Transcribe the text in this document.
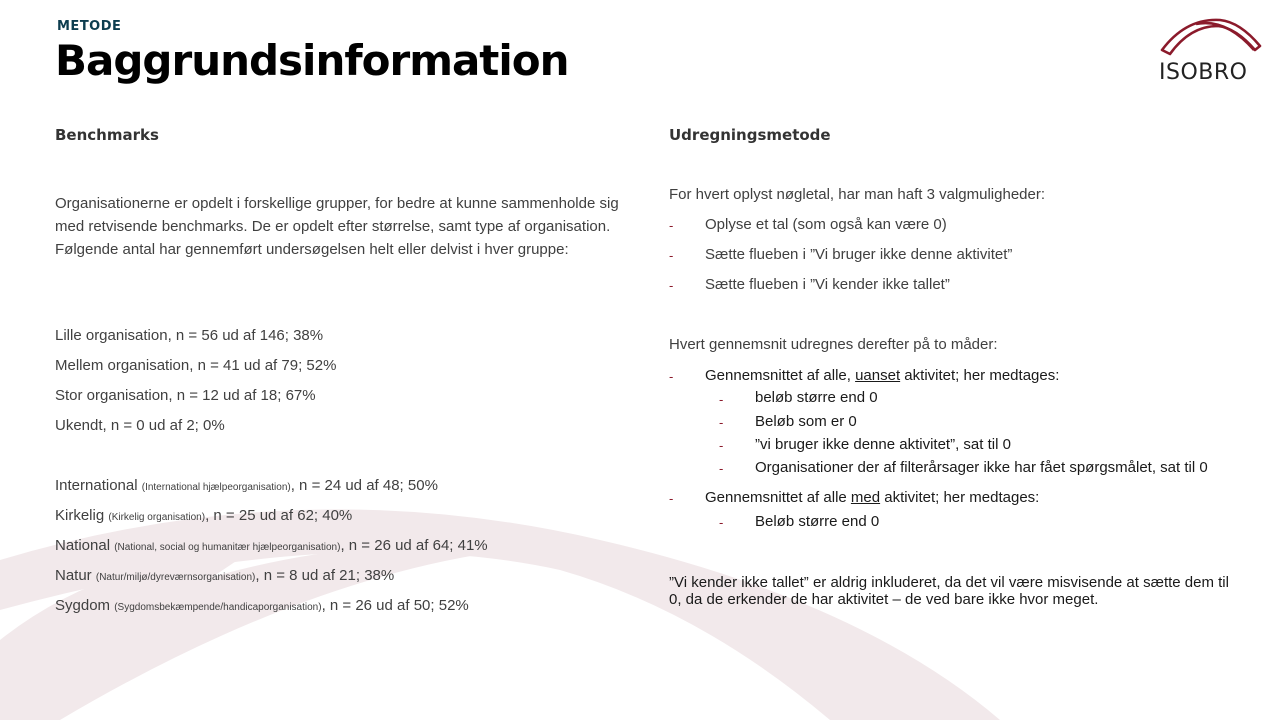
METODE
Baggrundsinformation	ISOBRO
Benchmarks
Organisationerne er opdelt i forskellige grupper, for bedre at kunne sammenholde sig med retvisende benchmarks. De er opdelt efter størrelse, samt type af organisation. Følgende antal har gennemført undersøgelsen helt eller delvist i hver gruppe:
Lille organisation, n = 56 ud af 146; 38%
Mellem organisation, n = 41 ud af 79; 52%
Stor organisation, n = 12 ud af 18; 67%
Ukendt, n = 0 ud af 2; 0%
International (International hjælpeorganisation), n = 24 ud af 48; 50%
Kirkelig (Kirkelig organisation), n = 25 ud af 62; 40%
National (National, social og humanitær hjælpeorganisation), n = 26 ud af 64; 41%
Natur (Natur/miljø/dyreværnsorganisation), n = 8 ud af 21; 38%
Sygdom (Sygdomsbekæmpende/handicaporganisation), n = 26 ud af 50; 52%
Udregningsmetode
For hvert oplyst nøgletal, har man haft 3 valgmuligheder:
- Oplyse et tal (som også kan være 0)
- Sætte flueben i ”Vi bruger ikke denne aktivitet”
- Sætte flueben i ”Vi kender ikke tallet”
Hvert gennemsnit udregnes derefter på to måder:
- Gennemsnittet af alle, uanset aktivitet; her medtages:
- beløb større end 0
- Beløb som er 0
- ”vi bruger ikke denne aktivitet”, sat til 0
- Organisationer der af filterårsager ikke har fået spørgsmålet, sat til 0
- Gennemsnittet af alle med aktivitet; her medtages:
- Beløb større end 0
”Vi kender ikke tallet” er aldrig inkluderet, da det vil være misvisende at sætte dem til 0, da de erkender de har aktivitet – de ved bare ikke hvor meget.
